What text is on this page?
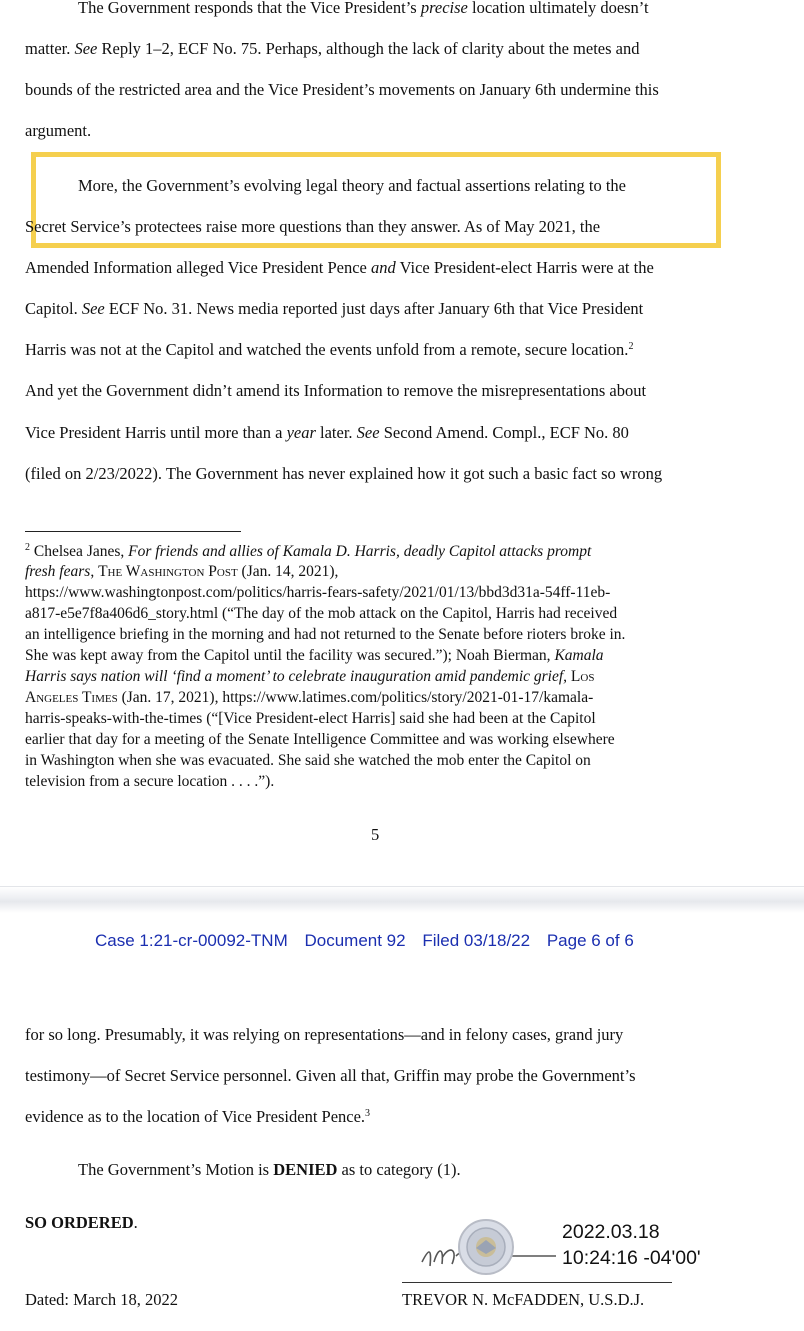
The Government responds that the Vice President’s precise location ultimately doesn’t
matter. See Reply 1–2, ECF No. 75. Perhaps, although the lack of clarity about the metes and
bounds of the restricted area and the Vice President’s movements on January 6th undermine this
argument.
More, the Government’s evolving legal theory and factual assertions relating to the
Secret Service’s protectees raise more questions than they answer. As of May 2021, the
Amended Information alleged Vice President Pence and Vice President-elect Harris were at the
Capitol. See ECF No. 31. News media reported just days after January 6th that Vice President
Harris was not at the Capitol and watched the events unfold from a remote, secure location.$^2$
And yet the Government didn’t amend its Information to remove the misrepresentations about
Vice President Harris until more than a year later. See Second Amend. Compl., ECF No. 80
(filed on 2/23/2022). The Government has never explained how it got such a basic fact so wrong
$^2$ Chelsea Janes, For friends and allies of Kamala D. Harris, deadly Capitol attacks prompt
fresh fears, The Washington Post (Jan. 14, 2021),
https://www.washingtonpost.com/politics/harris-fears-safety/2021/01/13/bbd3d31a-54ff-11eb-
a817-e5e7f8a406d6_story.html (“The day of the mob attack on the Capitol, Harris had received
an intelligence briefing in the morning and had not returned to the Senate before rioters broke in.
She was kept away from the Capitol until the facility was secured.”); Noah Bierman, Kamala
Harris says nation will ‘find a moment’ to celebrate inauguration amid pandemic grief, Los
Angeles Times (Jan. 17, 2021), https://www.latimes.com/politics/story/2021-01-17/kamala-
harris-speaks-with-the-times (“[Vice President-elect Harris] said she had been at the Capitol
earlier that day for a meeting of the Senate Intelligence Committee and was working elsewhere
in Washington when she was evacuated. She said she watched the mob enter the Capitol on
television from a secure location . . . .”).
5
Case 1:21-cr-00092-TNM Document 92 Filed 03/18/22 Page 6 of 6
for so long. Presumably, it was relying on representations—and in felony cases, grand jury
testimony—of Secret Service personnel. Given all that, Griffin may probe the Government’s
evidence as to the location of Vice President Pence.$^3$
The Government’s Motion is DENIED as to category (1).
SO ORDERED.	2022.03.18
10:24:16 -04'00'
Dated: March 18, 2022	TREVOR N. McFADDEN, U.S.D.J.
